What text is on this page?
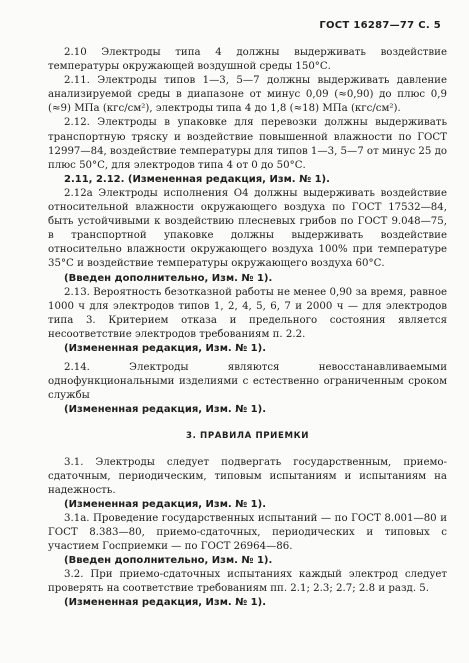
ГОСТ 16287—77 С. 5

2.10 Электроды типа 4 должны выдерживать воздействие температуры окружающей воздушной среды 150°С.

2.11. Электроды типов 1—3, 5—7 должны выдерживать давление анализируемой среды в диапазоне от минус 0,09 (≈0,90) до плюс 0,9 (≈9) МПа (кгс/см²), электроды типа 4 до 1,8 (≈18) МПа (кгс/см²).

2.12. Электроды в упаковке для перевозки должны выдерживать транспортную тряску и воздействие повышенной влажности по ГОСТ 12997—84, воздействие температуры для типов 1—3, 5—7 от минус 25 до плюс 50°С, для электродов типа 4 от 0 до 50°С.

2.11, 2.12. (Измененная редакция, Изм. № 1).

2.12а Электроды исполнения О4 должны выдерживать воздействие относительной влажности окружающего воздуха по ГОСТ 17532—84, быть устойчивыми к воздействию плесневых грибов по ГОСТ 9.048—75, в транспортной упаковке должны выдерживать воздействие относительно влажности окружающего воздуха 100% при температуре 35°С и воздействие температуры окружающего воздуха 60°С.

(Введен дополнительно, Изм. № 1).

2.13. Вероятность безотказной работы не менее 0,90 за время, равное 1000 ч для электродов типов 1, 2, 4, 5, 6, 7 и 2000 ч — для электродов типа 3. Критерием отказа и предельного состояния является несоответствие электродов требованиям п. 2.2.

(Измененная редакция, Изм. № 1).

2.14. Электроды являются невосстанавливаемыми однофункциональными изделиями с естественно ограниченным сроком службы

(Измененная редакция, Изм. № 1).

3. ПРАВИЛА ПРИЕМКИ

3.1. Электроды следует подвергать государственным, приемо-сдаточным, периодическим, типовым испытаниям и испытаниям на надежность.

(Измененная редакция, Изм. № 1).

3.1а. Проведение государственных испытаний — по ГОСТ 8.001—80 и ГОСТ 8.383—80, приемо-сдаточных, периодических и типовых с участием Госприемки — по ГОСТ 26964—86.

(Введен дополнительно, Изм. № 1).

3.2. При приемо-сдаточных испытаниях каждый электрод следует проверять на соответствие требованиям пп. 2.1; 2.3; 2.7; 2.8 и разд. 5.

(Измененная редакция, Изм. № 1).
